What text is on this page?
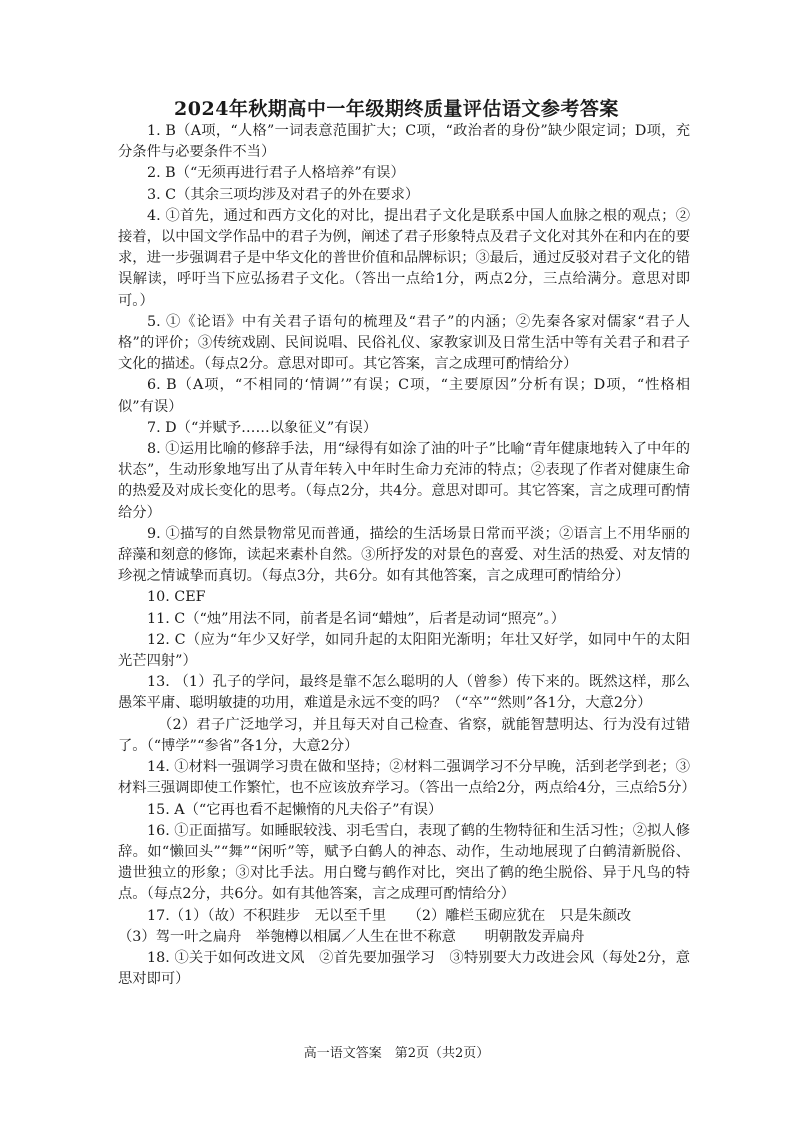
2024年秋期高中一年级期终质量评估语文参考答案

1. B（A项，“人格”一词表意范围扩大；C项，“政治者的身份”缺少限定词；D项，充分条件与必要条件不当）

2. B（“无须再进行君子人格培养”有误）

3. C（其余三项均涉及对君子的外在要求）

4. ①首先，通过和西方文化的对比，提出君子文化是联系中国人血脉之根的观点；②接着，以中国文学作品中的君子为例，阐述了君子形象特点及君子文化对其外在和内在的要求，进一步强调君子是中华文化的普世价值和品牌标识；③最后，通过反驳对君子文化的错误解读，呼吁当下应弘扬君子文化。（答出一点给1分，两点2分，三点给满分。意思对即可。）

5. ①《论语》中有关君子语句的梳理及“君子”的内涵；②先秦各家对儒家“君子人格”的评价；③传统戏剧、民间说唱、民俗礼仪、家教家训及日常生活中等有关君子和君子文化的描述。（每点2分。意思对即可。其它答案，言之成理可酌情给分）

6. B（A项，“不相同的‘情调’”有误；C项，“主要原因”分析有误；D项，“性格相似”有误）

7. D（“并赋予……以象征义”有误）

8. ①运用比喻的修辞手法，用“绿得有如涂了油的叶子”比喻“青年健康地转入了中年的状态”，生动形象地写出了从青年转入中年时生命力充沛的特点；②表现了作者对健康生命的热爱及对成长变化的思考。（每点2分，共4分。意思对即可。其它答案，言之成理可酌情给分）

9. ①描写的自然景物常见而普通，描绘的生活场景日常而平淡；②语言上不用华丽的辞藻和刻意的修饰，读起来素朴自然。③所抒发的对景色的喜爱、对生活的热爱、对友情的珍视之情诚挚而真切。（每点3分，共6分。如有其他答案，言之成理可酌情给分）

10. CEF

11. C（“烛”用法不同，前者是名词“蜡烛”，后者是动词“照亮”。）

12. C（应为“年少又好学，如同升起的太阳阳光渐明；年壮又好学，如同中午的太阳光芒四射”）

13. （1）孔子的学问，最终是靠不怎么聪明的人（曾参）传下来的。既然这样，那么愚笨平庸、聪明敏捷的功用，难道是永远不变的吗？（“卒”“然则”各1分，大意2分）

（2）君子广泛地学习，并且每天对自己检查、省察，就能智慧明达、行为没有过错了。（“博学”“参省”各1分，大意2分）

14. ①材料一强调学习贵在做和坚持；②材料二强调学习不分早晚，活到老学到老；③材料三强调即使工作繁忙，也不应该放弃学习。（答出一点给2分，两点给4分，三点给5分）

15. A（“它再也看不起懒惰的凡夫俗子”有误）

16. ①正面描写。如睡眠较浅、羽毛雪白，表现了鹤的生物特征和生活习性；②拟人修辞。如“懒回头”“舞”“闲听”等，赋予白鹤人的神态、动作，生动地展现了白鹤清新脱俗、遗世独立的形象；③对比手法。用白鹭与鹤作对比，突出了鹤的绝尘脱俗、异于凡鸟的特点。（每点2分，共6分。如有其他答案，言之成理可酌情给分）

17.（1）（故）不积跬步　无以至千里　　（2）雕栏玉砌应犹在　只是朱颜改

（3）驾一叶之扁舟　举匏樽以相属／人生在世不称意　　明朝散发弄扁舟

18. ①关于如何改进文风　②首先要加强学习　③特别要大力改进会风（每处2分，意思对即可）

高一语文答案　第2页（共2页）
